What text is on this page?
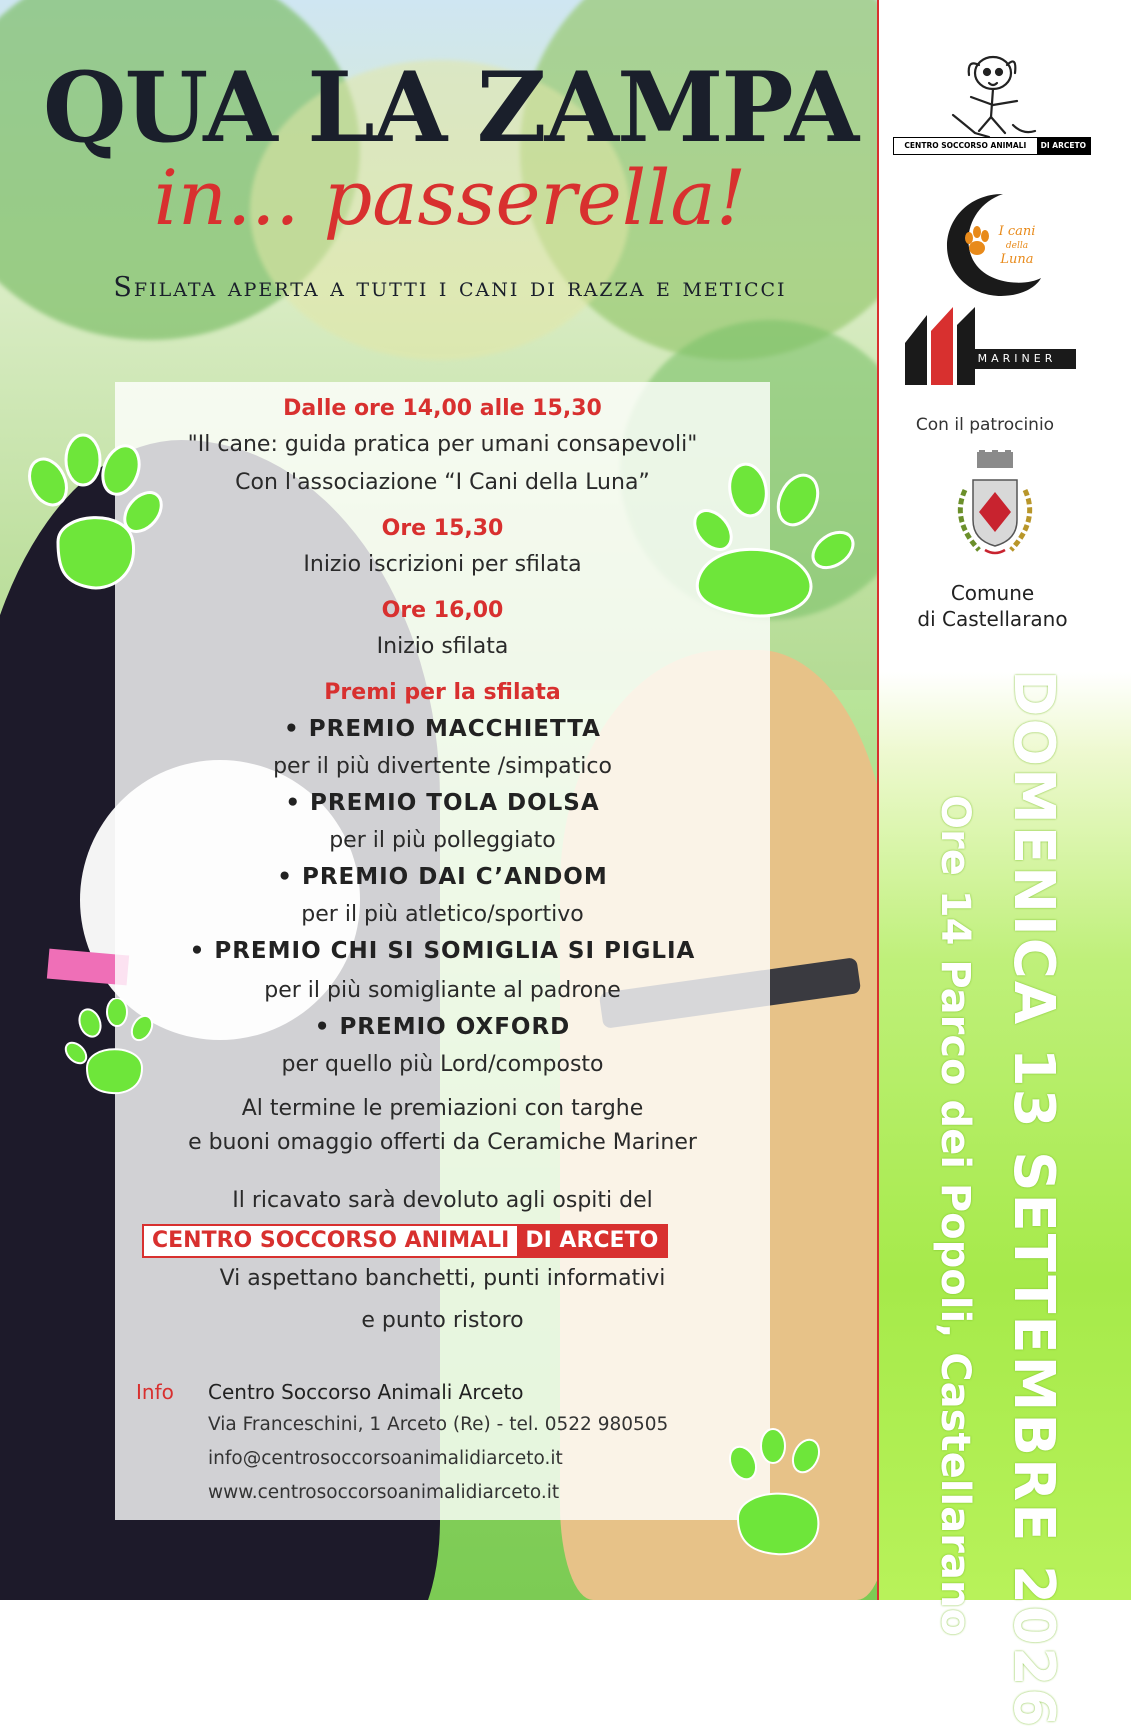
QUA LA ZAMPA
in... passerella!
Sfilata aperta a tutti i cani di razza e meticci
Dalle ore 14,00 alle 15,30
"Il cane: guida pratica per umani consapevoli"
Con l'associazione “I Cani della Luna”
Ore 15,30
Inizio iscrizioni per sfilata
Ore 16,00
Inizio sfilata
Premi per la sfilata
• PREMIO MACCHIETTA
per il più divertente /simpatico
• PREMIO TOLA DOLSA
per il più polleggiato
• PREMIO DAI C’ANDOM
per il più atletico/sportivo
• PREMIO CHI SI SOMIGLIA SI PIGLIA
per il più somigliante al padrone
• PREMIO OXFORD
per quello più Lord/composto
Al termine le premiazioni con targhe
e buoni omaggio offerti da Ceramiche Mariner
Il ricavato sarà devoluto agli ospiti del
Vi aspettano banchetti, punti informativi
e punto ristoro
CENTRO SOCCORSO ANIMALI DI ARCETO
Info Centro Soccorso Animali Arceto
Via Franceschini, 1 Arceto (Re) - tel. 0522 980505
info@centrosoccorsoanimalidiarceto.it
www.centrosoccorsoanimalidiarceto.it
CENTRO SOCCORSO ANIMALI	DI ARCETO
I cani
della
Luna
MARINER
Con il patrocinio
Comune
di Castellarano
DOMENICA 13 SETTEMBRE 2026
Ore 14 Parco dei Popoli, Castellarano
